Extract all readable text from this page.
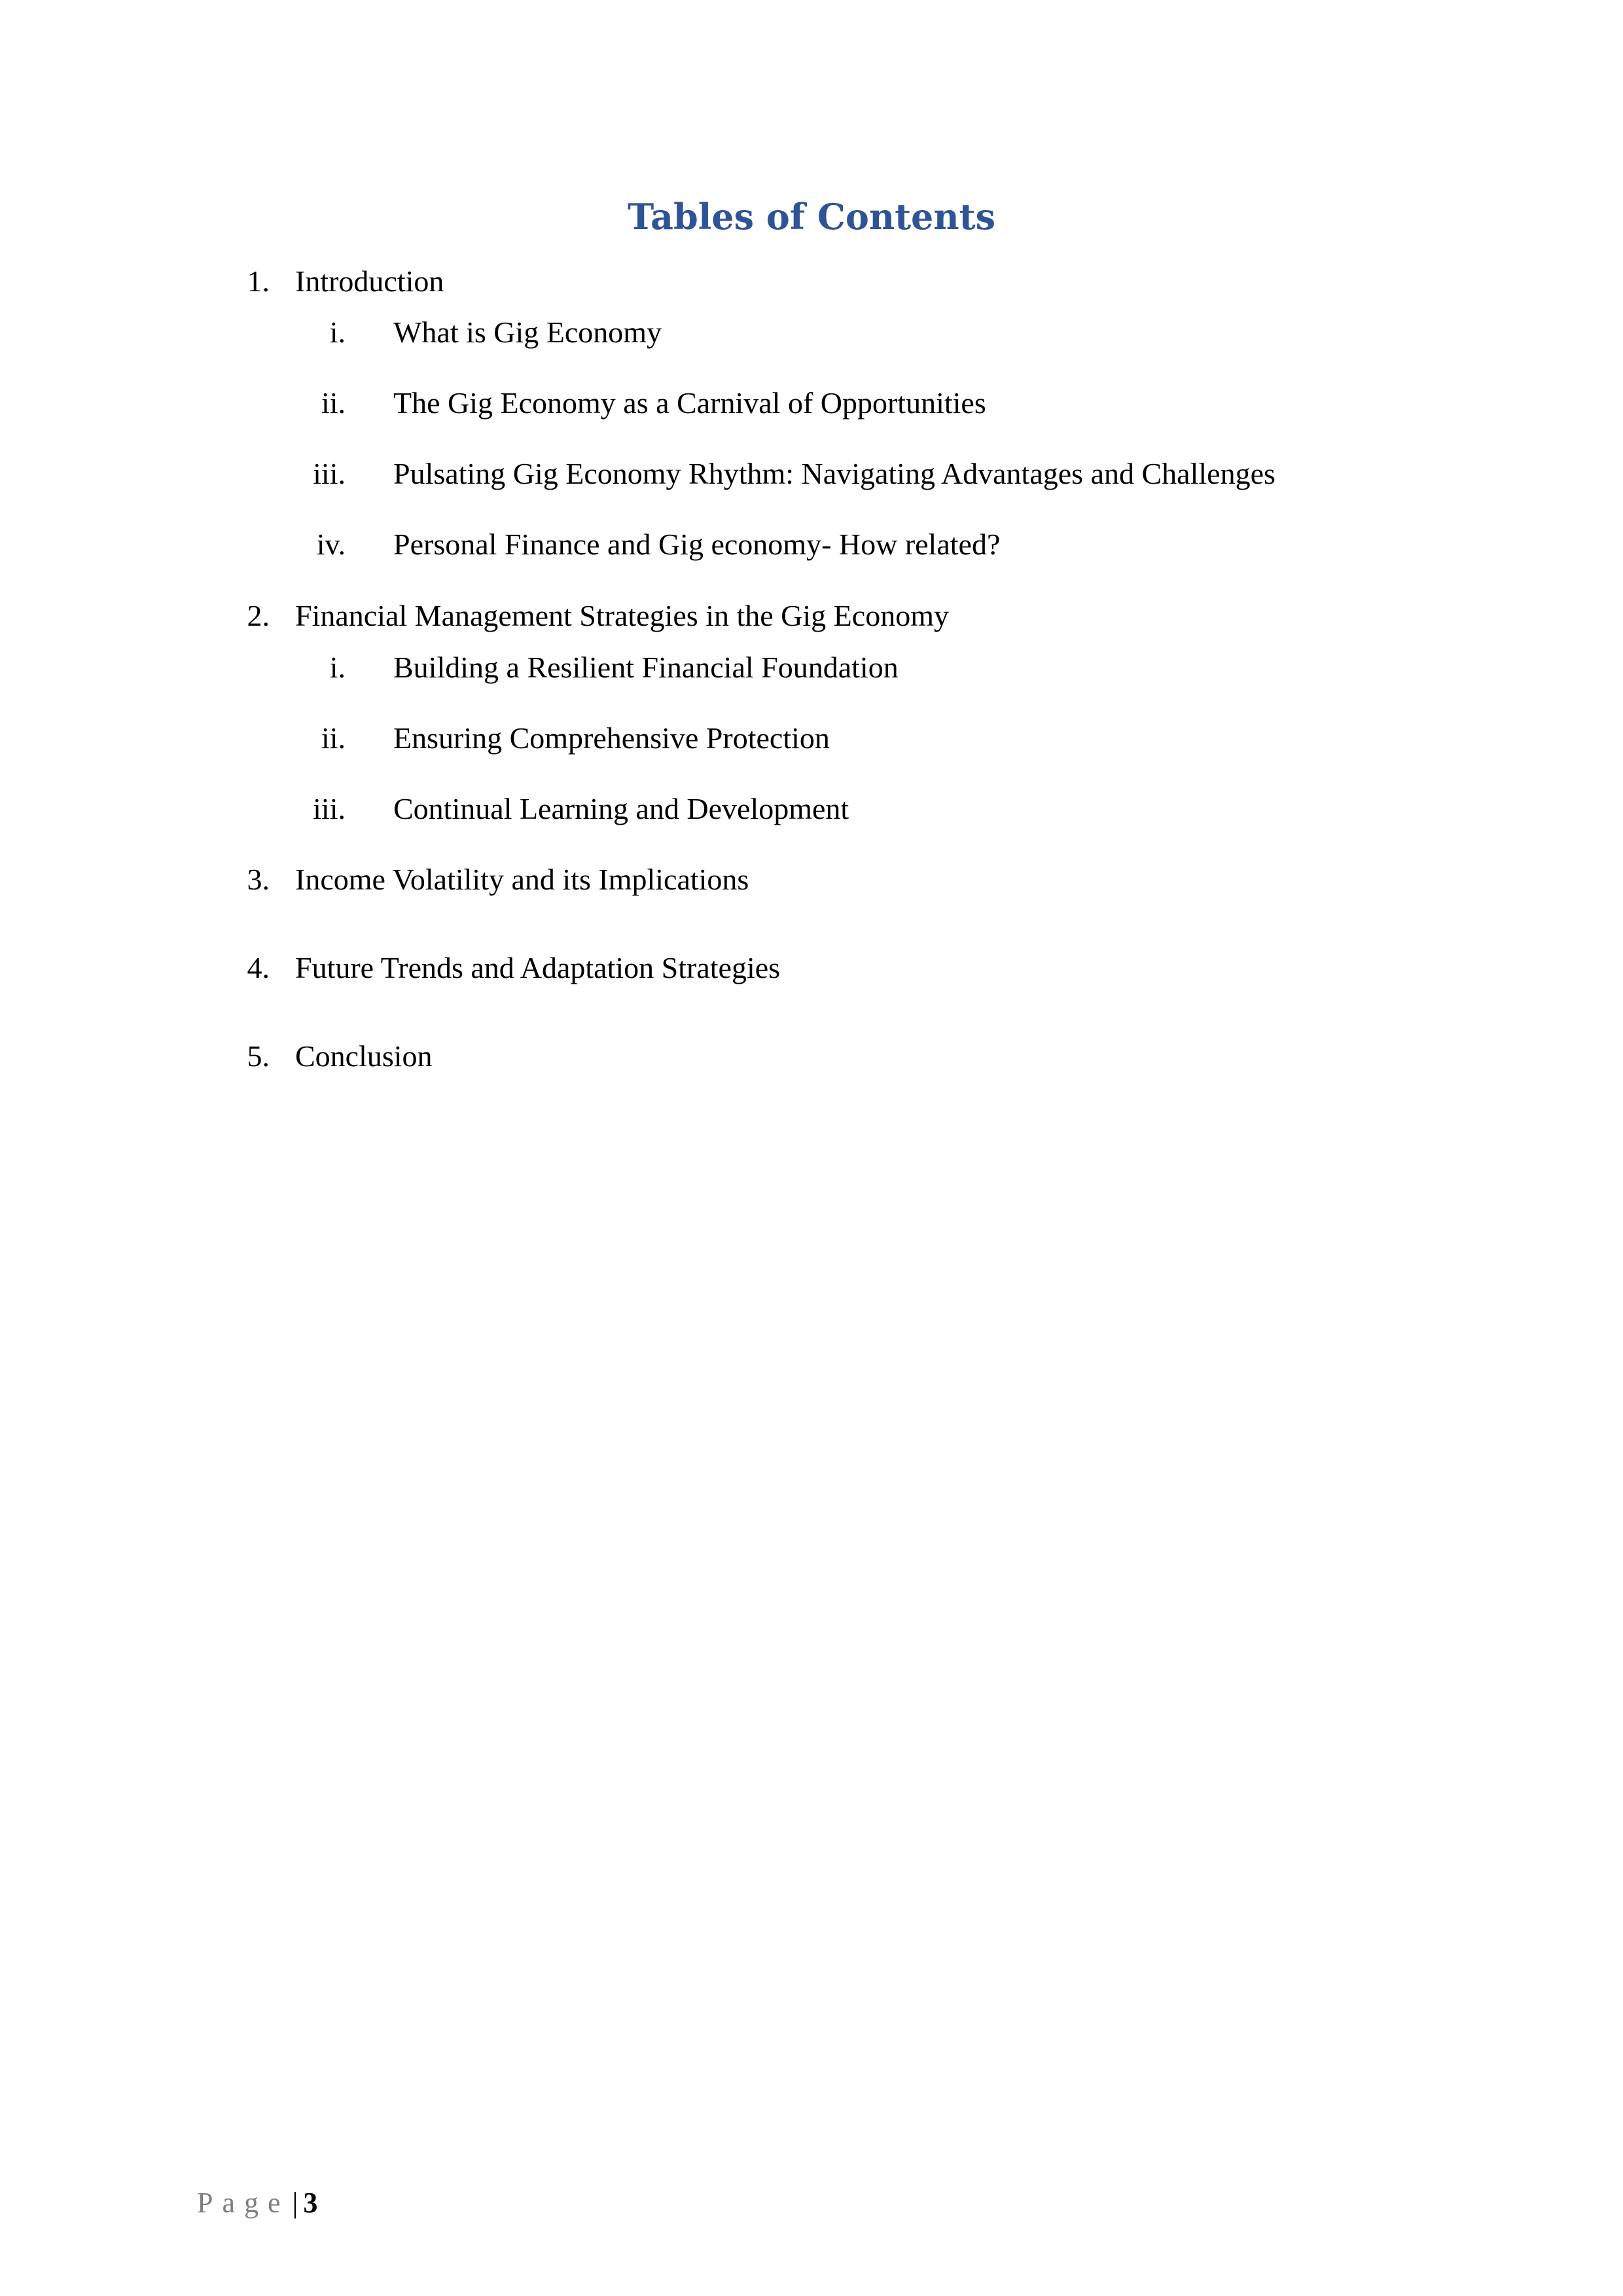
Tables of Contents
1. Introduction
i. What is Gig Economy
ii. The Gig Economy as a Carnival of Opportunities
iii. Pulsating Gig Economy Rhythm: Navigating Advantages and Challenges
iv. Personal Finance and Gig economy- How related?
2. Financial Management Strategies in the Gig Economy
i. Building a Resilient Financial Foundation
ii. Ensuring Comprehensive Protection
iii. Continual Learning and Development
3. Income Volatility and its Implications
4. Future Trends and Adaptation Strategies
5. Conclusion
Page| 3
